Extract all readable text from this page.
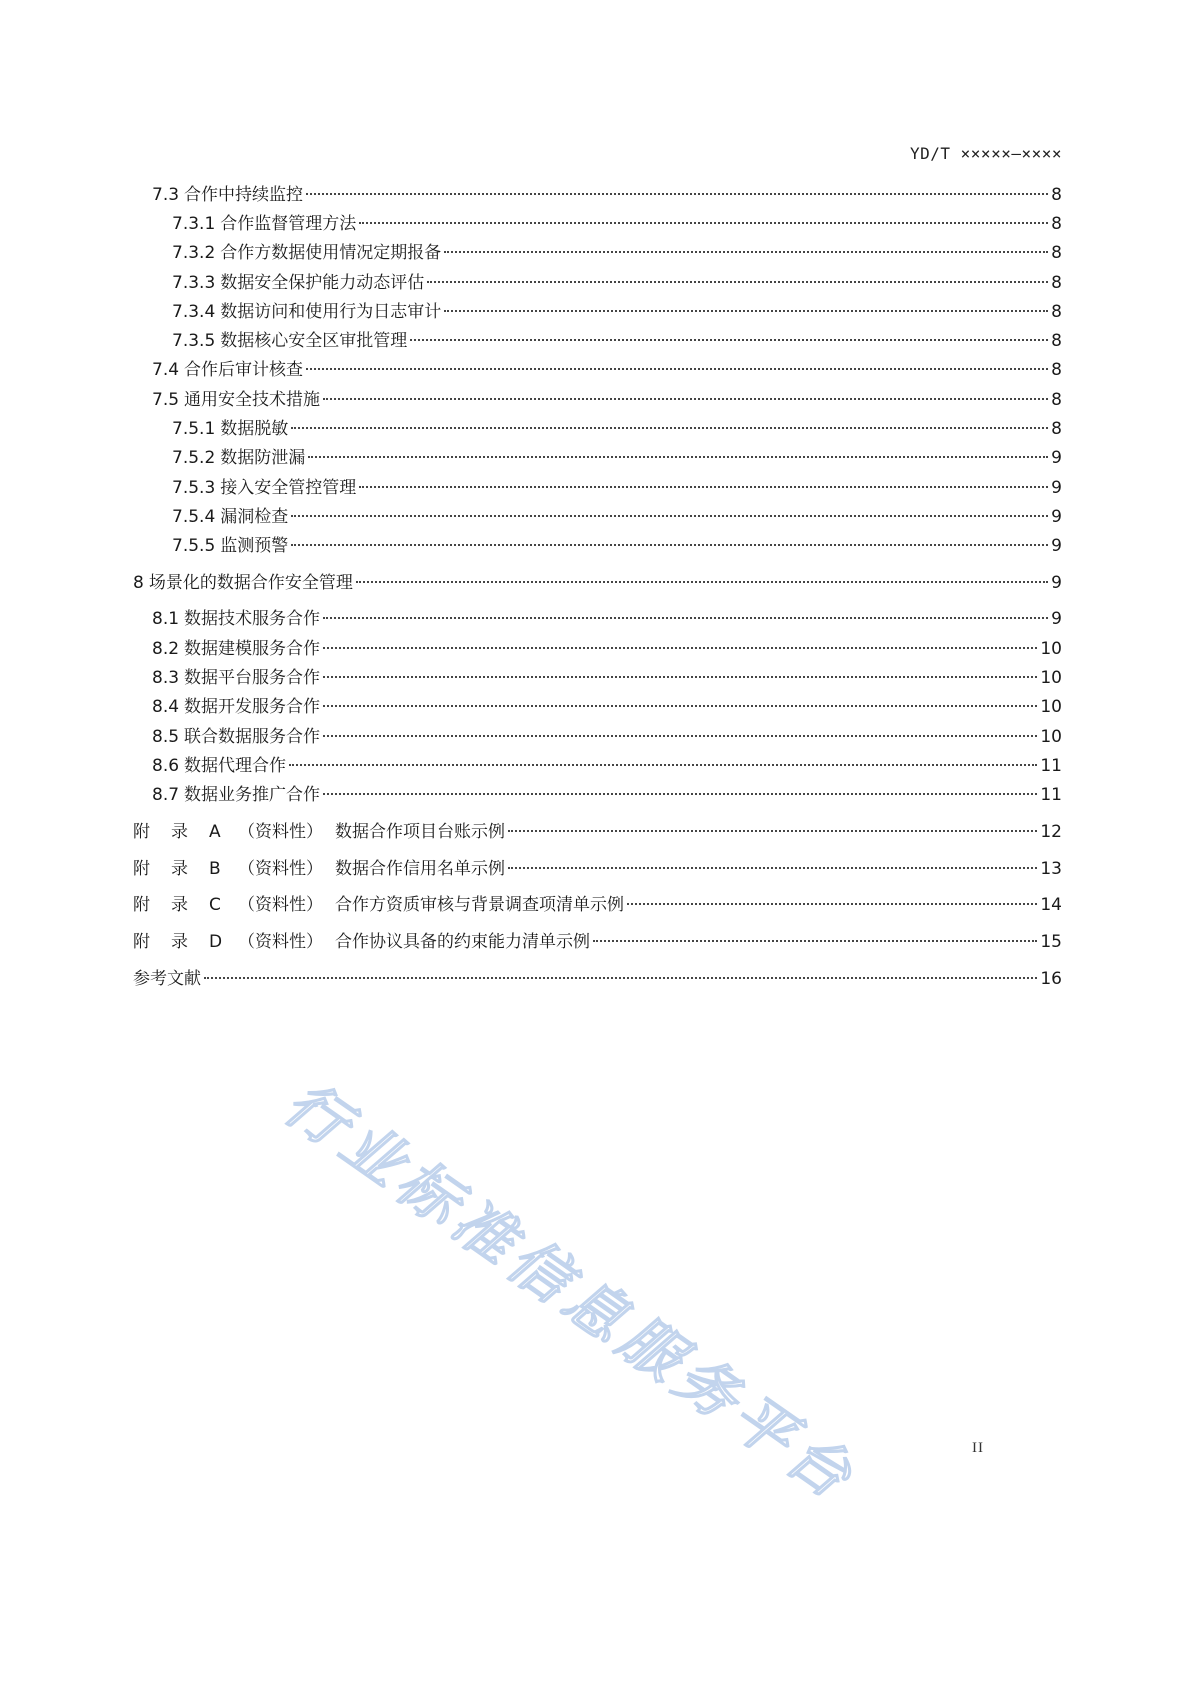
YD/T ×××××—××××
7.3 合作中持续监控	8
7.3.1 合作监督管理方法	8
7.3.2 合作方数据使用情况定期报备	8
7.3.3 数据安全保护能力动态评估	8
7.3.4 数据访问和使用行为日志审计	8
7.3.5 数据核心安全区审批管理	8
7.4 合作后审计核查	8
7.5 通用安全技术措施	8
7.5.1 数据脱敏	8
7.5.2 数据防泄漏	9
7.5.3 接入安全管控管理	9
7.5.4 漏洞检查	9
7.5.5 监测预警	9
8 场景化的数据合作安全管理	9
8.1 数据技术服务合作	9
8.2 数据建模服务合作	10
8.3 数据平台服务合作	10
8.4 数据开发服务合作	10
8.5 联合数据服务合作	10
8.6 数据代理合作	11
8.7 数据业务推广合作	11
附 录 A	（资料性） 数据合作项目台账示例	12
附 录 B	（资料性） 数据合作信用名单示例	13
附 录 C	（资料性） 合作方资质审核与背景调查项清单示例	14
附 录 D （资料性） 合作协议具备的约束能力清单示例	15
参考文献	16
行业标准信息服务平台	II
